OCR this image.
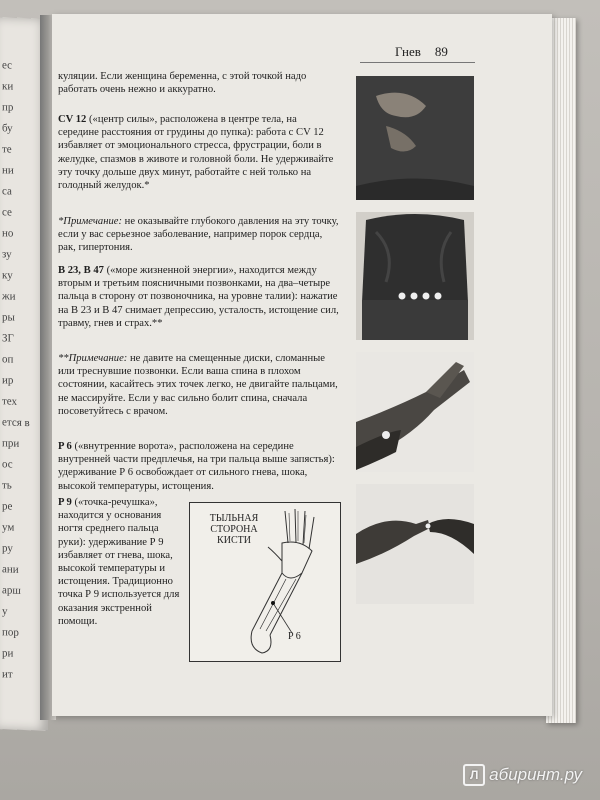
ес
ки
пр
бу
те
ни
са
се
но
зу
ку
жи
ры
ЗГ
оп
ир
тех
ется в
при
ос
ть
ре
ум
ру
ани
арш
у
пор
ри
ит
Гнев 89

куляции. Если женщина беременна, с этой точкой надо работать очень нежно и аккуратно.

CV 12 («центр силы», расположена в центре тела, на середине расстояния от грудины до пупка): работа с CV 12 избавляет от эмоционального стресса, фрустрации, боли в желудке, спазмов в животе и головной боли. Не удерживайте эту точку дольше двух минут, работайте с ней только на голодный желудок.*

*Примечание: не оказывайте глубокого давления на эту точку, если у вас серьезное заболевание, например порок сердца, рак, гипертония.

B 23, B 47 («море жизненной энергии», находится между вторым и третьим поясничными позвонками, на два–четыре пальца в сторону от позвоночника, на уровне талии): нажатие на В 23 и В 47 снимает депрессию, усталость, истощение сил, травму, гнев и страх.**

**Примечание: не давите на смещенные диски, сломанные или треснувшие позвонки. Если ваша спина в плохом состоянии, касайтесь этих точек легко, не двигайте пальцами, не массируйте. Если у вас сильно болит спина, сначала посоветуйтесь с врачом.

P 6 («внутренние ворота», расположена на середине внутренней части предплечья, на три пальца выше запястья): удерживание Р 6 освобождает от сильного гнева, шока, высокой температуры, истощения.

P 9 («точка-речушка», находится у основания ногтя среднего пальца руки): удерживание Р 9 избавляет от гнева, шока, высокой температуры и истощения. Традиционно точка Р 9 используется для оказания экстренной помощи.

ТЫЛЬНАЯ СТОРОНА КИСТИ
P 6
Л абиринт.ру
